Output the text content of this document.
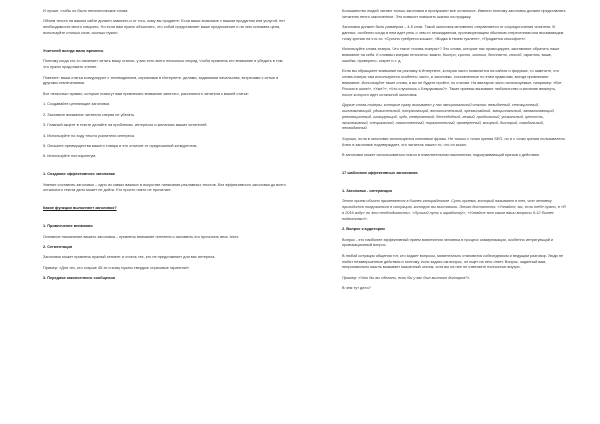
И лучше, чтобы их было негипотические слова.

Объем текста на вашем сайте должен зависеть и от того, кому вы продаете. Если ваши знакомые с вашим продуктом или услугой, нет необходимости много говорить. Но если вам нужно объяснить, что собой представляет ваше предложение и на чем основана цена, используйте столько слов, сколько нужно.

Учителей всегда мало времени.

Поэтому когда кто-то начинает читать вашу статью, у вас есть всего несколько секунд, чтобы привлечь его внимание и убедить в том, что нужно продолжать чтение.

Помните: ваши статьи конкурируют с телевидением, сериалами в Интернете, делами, заданиями начальства, встречами с сетью и другими отвлечениями.

Вот несколько правил, которые помогут вам привлекать внимание занятого, рассеянного читателя к вашей статье:

1. Создавайте цепляющие заголовки.

2. Заставьте внимание читателя сперва не убегать.

3. Главный акцент в тексте делайте на проблемах, интересах и желаниях ваших читателей.

4. Используйте по ходу текста усилители интереса.

5. Опишите преимущества вашего товара и это отличие от предложений конкурентов.

6. Используйте постскриптум.

1. Создание эффективного заголовка

Умение составить заголовок – одно из самых важных в искусстве написания рекламных текстов. Без эффективного заголовка до всего остального текста дело может не дойти. Его просто никто не прочитает.

Какие функции выполняет заголовок?

1. Привлечение внимания

Основное назначение вашего заголовка – привлечь внимание читателя и заставить его прочитать весь текст.

2. Сегментация

Заголовок может привлечь нужный сегмент и отсечь тех, кто не представляет для вас интереса.

Пример: «Для тех, кто старше 45-ти и кому нужны твердые страховые гарантии!».

3. Передача законченного сообщения

Большинство людей читают только заголовки и пропускают все остальное. Именно поэтому заголовок должен представлять читателю нечто законченное. Это повысит повысить шансы на продажу.

Заголовок должен быть размером – 4-5 слов. Такой заголовок мгновенно отправляется от сосредоточения читателя. В данных, особенно когда в нем идет речь о чем-то неожиданном, противоречащем обычным стереотипам или вызывающем точку зрения на что-то: «Срочно требуется кошка», «Водка в твоем туалете», «Продается сексофонт».

Используйте слова-тизеры. Что такое «слова-тизеры»? Это слова, которые нас провоцируют, заставляют обратить наше внимание на себя. К словам-тизерам относятся: важно, быстро, срочно, сколько, бесплатно, способ, гарантия, ваше, ошибки, проверено, секрет и т. д.

Если вы обращаете внимание на рекламу в Интернете, которая часто появляется на сайтах и форумах, то заметите, что слова-тизеры там используются особенно часто, и заголовки, составленные по этим правилам, всегда привлекают внимание. Используйте такие слова, а вы не будете пройти, по стилям. На аватаров часто используемые, например: «Вот Россия в шоке!», «Уже?», «Что случилось с Безруковым?». Такие приемы вызывают любопытство и желание вникнуть, после которого идет остальной заголовок.

Другие слова-тизеры, которые сразу вызывают у нас эмоциональный отклик: невиданный, сенсационный, ошеломляющий, удивительный, потрясающий, восхитительный, чрезвычайный, эмоциональный, захватывающий, революционный, шокирующий, чудо, невероятный, бесподобный, легкий, прибыльный, уникальный, ценность, эксклюзивный, специальный, таинственный, поразительный, проверенный, мощный, быстрый, скандальный, неожиданный.

Хорошо, если в заголовке используются ключевые фразы. Не только с точки зрения SEO, но и с точки зрения пользователя. Ключ в заголовке подтверждает, что читатель нашел то, что он искал.

В заголовке может использоваться глагол в повелительном наклонении, подчеркивающий призыв к действию.

17 шаблонов эффективных заголовков

1. Заголовок - интерапция

Этот прием обычно применяется в бизнес-копирайтинге. Суть приема, который называют в тех, что человеку приходится погружаться в ситуацию, которую вы выставили. Этого достаточно: «Узнайте, вы, если тебе нужно, в «Я в 2016 году» ли это необходимость», «Лучший путь к заработку!», «Узнайте вот какие ваши вопросы 9-12 бизнес подготовки!».

2. Вопрос к аудитории

Вопрос - это наиболее эффективный прием вовлечения человека в процесс коммуникации, особенно интригующий и провокационный вопрос.

В любой ситуации общения тот, кто задает вопросы, моментально становится собеседником и ведущим разговор. Люди не любят незавершенные действия и поэтому, если задать им вопрос, он ищет на него ответ. Вопрос, заданный вам, непроизвольно мысль вызывает мышечный отклик, хотя вы на нее не отвечаете полностью внутри.

Пример: «Что бы вы сделали, если бы у вас был миллион долларов?».

В чем тут дело?
